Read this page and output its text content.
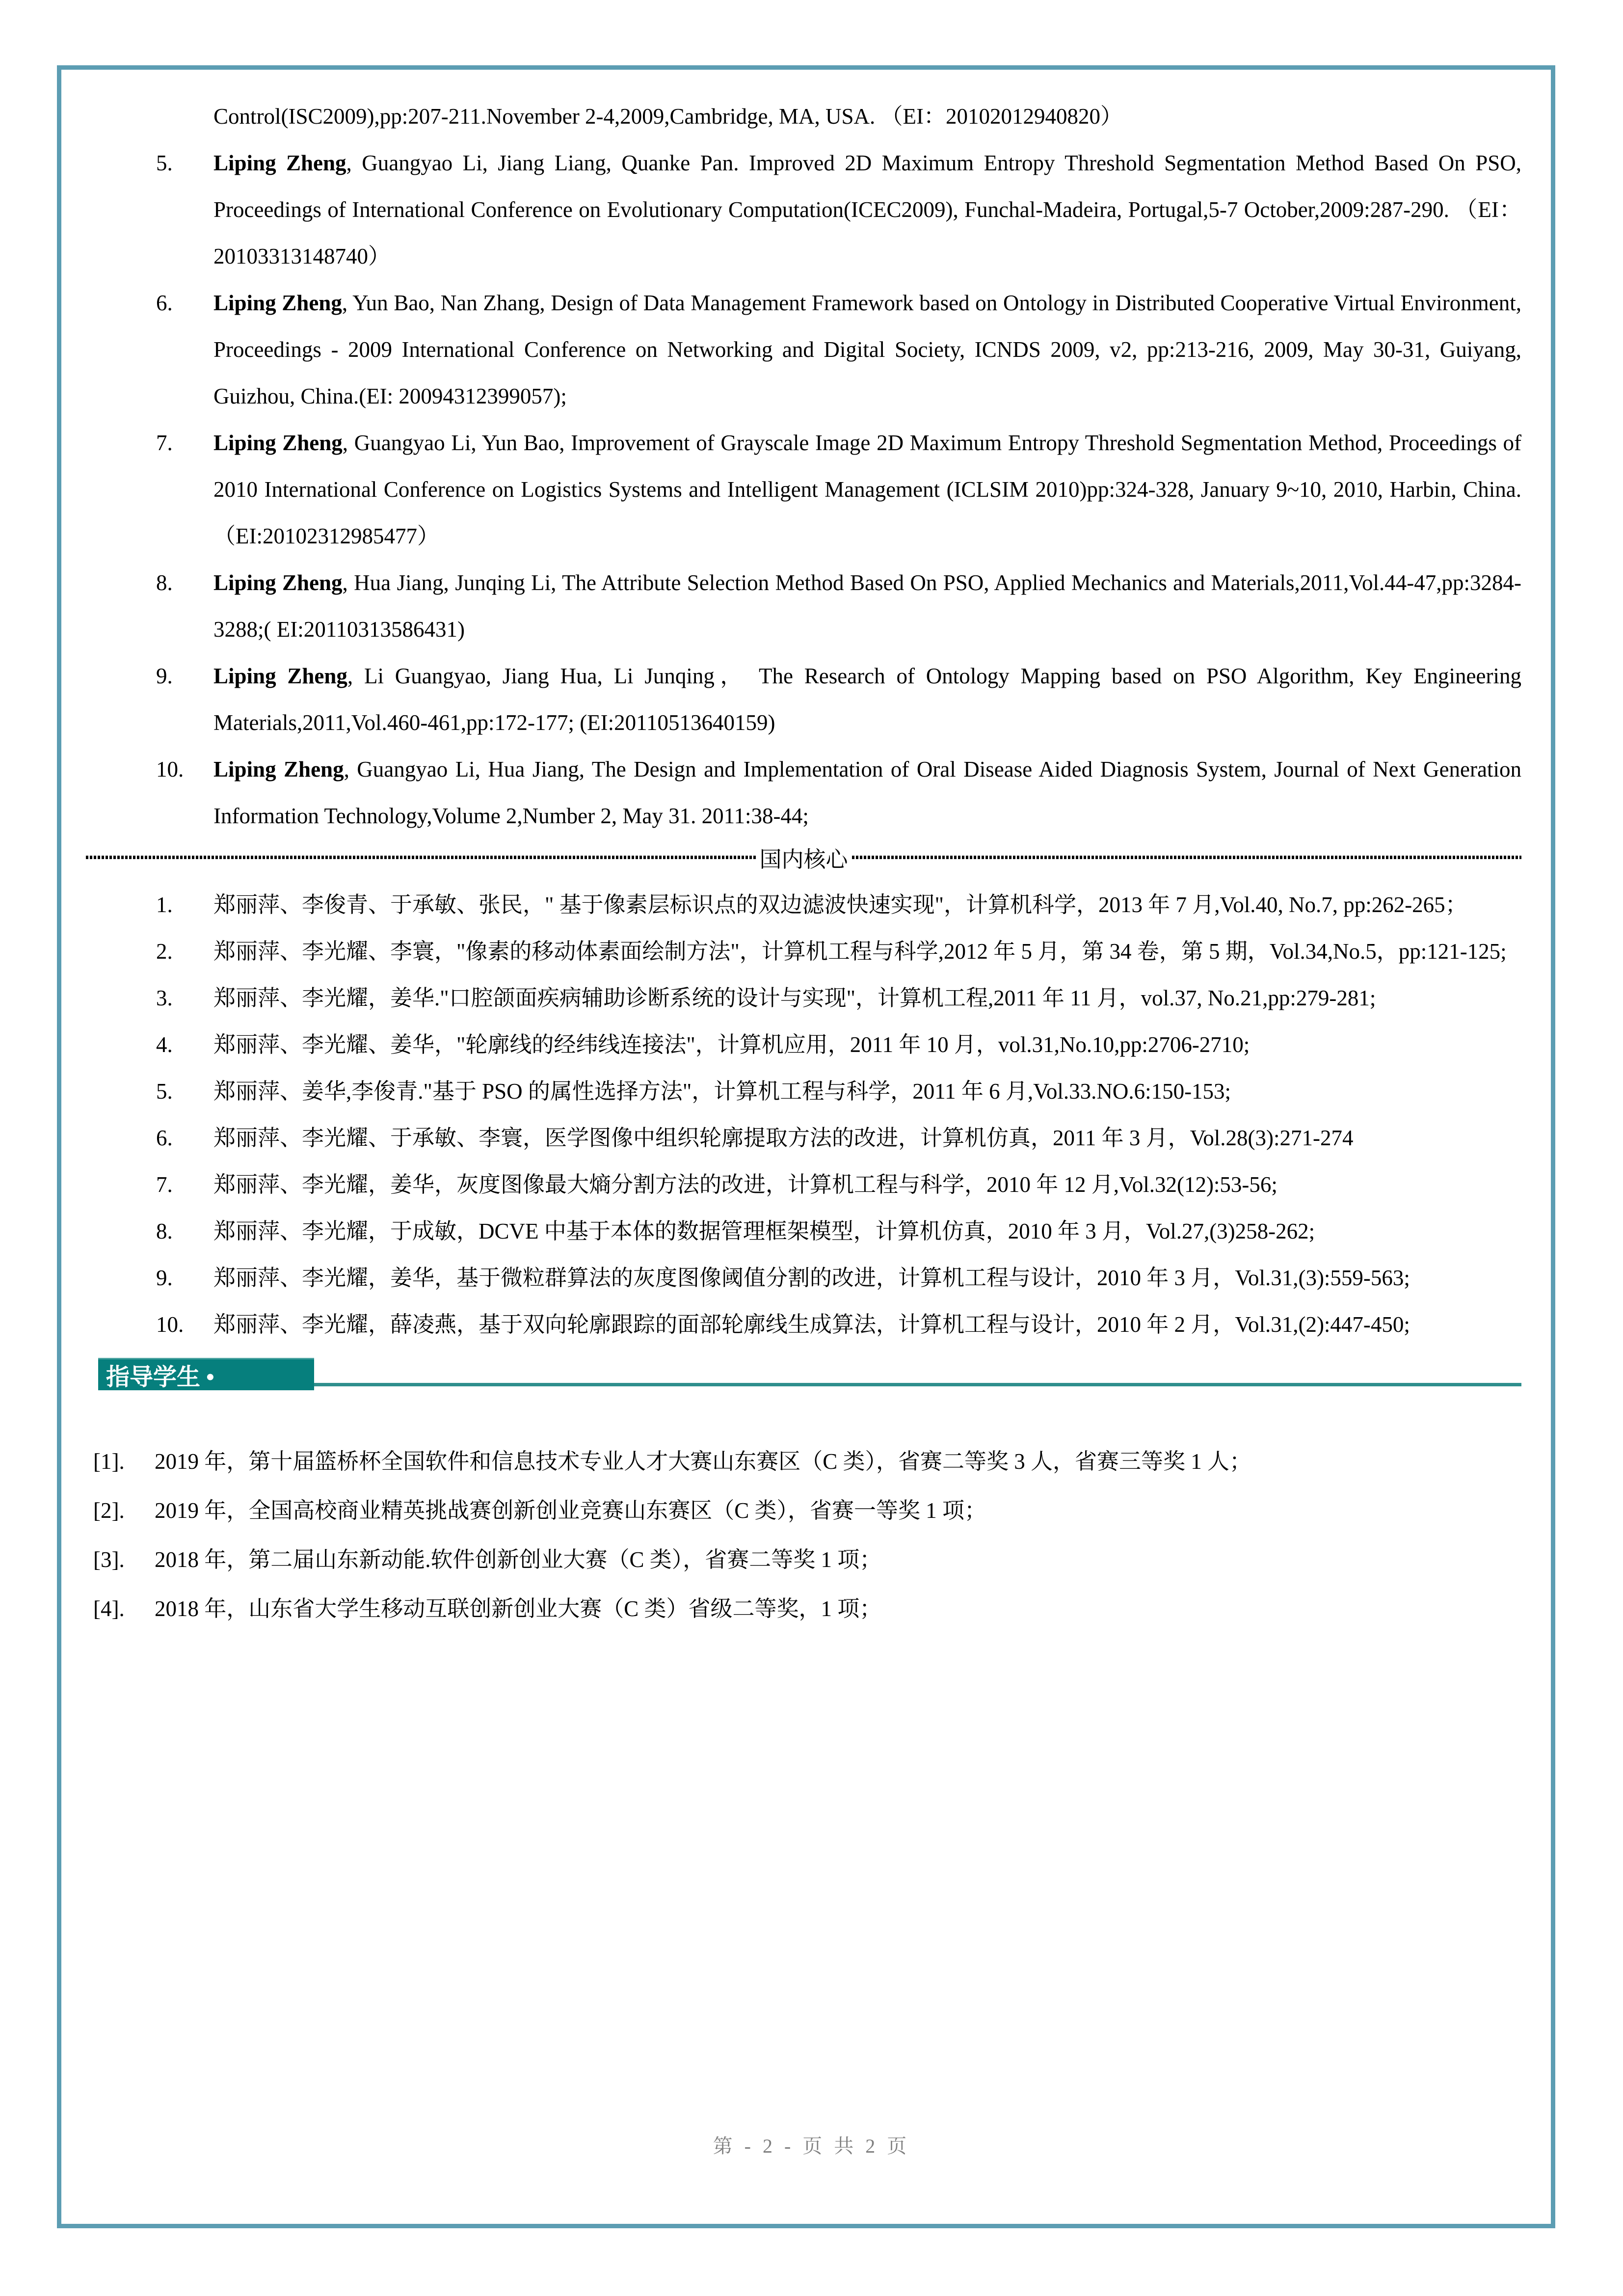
Control(ISC2009),pp:207-211.November 2-4,2009,Cambridge, MA, USA. （EI：20102012940820）
5.	Liping Zheng, Guangyao Li, Jiang Liang, Quanke Pan. Improved 2D Maximum Entropy Threshold Segmentation Method Based On PSO, Proceedings of International Conference on Evolutionary Computation(ICEC2009), Funchal-Madeira, Portugal,5-7 October,2009:287-290. （EI： 20103313148740）
6.	Liping Zheng, Yun Bao, Nan Zhang, Design of Data Management Framework based on Ontology in Distributed Cooperative Virtual Environment, Proceedings - 2009 International Conference on Networking and Digital Society, ICNDS 2009, v2, pp:213-216, 2009, May 30-31, Guiyang, Guizhou, China.(EI: 20094312399057);
7.	Liping Zheng, Guangyao Li, Yun Bao, Improvement of Grayscale Image 2D Maximum Entropy Threshold Segmentation Method, Proceedings of 2010 International Conference on Logistics Systems and Intelligent Management (ICLSIM 2010)pp:324-328, January 9~10, 2010, Harbin, China. （EI:20102312985477）
8.	Liping Zheng, Hua Jiang, Junqing Li, The Attribute Selection Method Based On PSO, Applied Mechanics and Materials,2011,Vol.44-47,pp:3284-3288;( EI:20110313586431)
9.	Liping Zheng, Li Guangyao, Jiang Hua, Li Junqing， The Research of Ontology Mapping based on PSO Algorithm, Key Engineering Materials,2011,Vol.460-461,pp:172-177; (EI:20110513640159)
10.	Liping Zheng, Guangyao Li, Hua Jiang, The Design and Implementation of Oral Disease Aided Diagnosis System, Journal of Next Generation Information Technology,Volume 2,Number 2, May 31. 2011:38-44;
国内核心
1.	郑丽萍、李俊青、于承敏、张民，" 基于像素层标识点的双边滤波快速实现"，计算机科学，2013 年 7 月,Vol.40, No.7, pp:262-265；
2.	郑丽萍、李光耀、李寰，"像素的移动体素面绘制方法"，计算机工程与科学,2012 年 5 月，第 34 卷，第 5 期，Vol.34,No.5，pp:121-125;
3.	郑丽萍、李光耀，姜华."口腔颌面疾病辅助诊断系统的设计与实现"，计算机工程,2011 年 11 月，vol.37, No.21,pp:279-281;
4.	郑丽萍、李光耀、姜华，"轮廓线的经纬线连接法"，计算机应用，2011 年 10 月，vol.31,No.10,pp:2706-2710;
5.	郑丽萍、姜华,李俊青."基于 PSO 的属性选择方法"，计算机工程与科学，2011 年 6 月,Vol.33.NO.6:150-153;
6.	郑丽萍、李光耀、于承敏、李寰，医学图像中组织轮廓提取方法的改进，计算机仿真，2011 年 3 月，Vol.28(3):271-274
7.	郑丽萍、李光耀，姜华，灰度图像最大熵分割方法的改进，计算机工程与科学，2010 年 12 月,Vol.32(12):53-56;
8.	郑丽萍、李光耀，于成敏，DCVE 中基于本体的数据管理框架模型，计算机仿真，2010 年 3 月，Vol.27,(3)258-262;
9.	郑丽萍、李光耀，姜华，基于微粒群算法的灰度图像阈值分割的改进，计算机工程与设计，2010 年 3 月，Vol.31,(3):559-563;
10.	郑丽萍、李光耀，薛凌燕，基于双向轮廓跟踪的面部轮廓线生成算法，计算机工程与设计，2010 年 2 月，Vol.31,(2):447-450;
指导学生 •
[1].	2019 年，第十届篮桥杯全国软件和信息技术专业人才大赛山东赛区（C 类），省赛二等奖 3 人，省赛三等奖 1 人；
[2].	2019 年，全国高校商业精英挑战赛创新创业竞赛山东赛区（C 类），省赛一等奖 1 项；
[3].	2018 年，第二届山东新动能.软件创新创业大赛（C 类），省赛二等奖 1 项；
[4].	2018 年，山东省大学生移动互联创新创业大赛（C 类）省级二等奖，1 项；
第 - 2 - 页 共 2 页
